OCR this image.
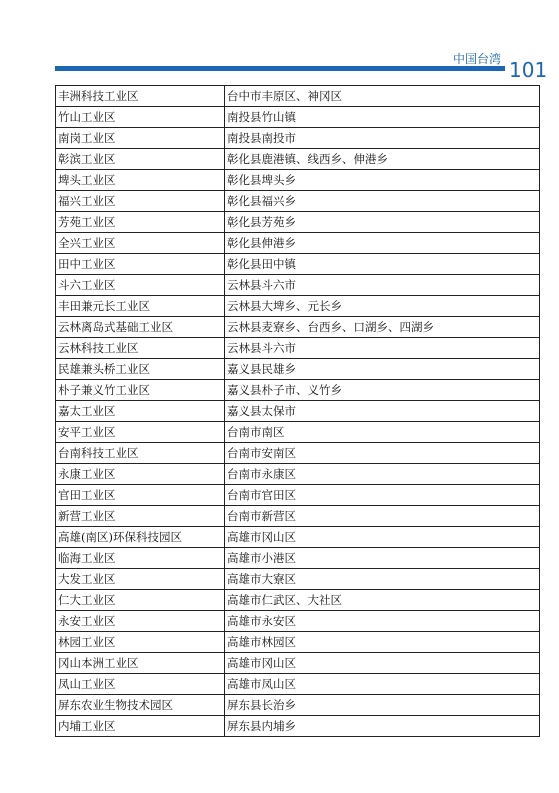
中国台湾 101
丰洲科技工业区	台中市丰原区、神冈区
竹山工业区	南投县竹山镇
南岗工业区	南投县南投市
彰滨工业区	彰化县鹿港镇、线西乡、伸港乡
埤头工业区	彰化县埤头乡
福兴工业区	彰化县福兴乡
芳苑工业区	彰化县芳苑乡
全兴工业区	彰化县伸港乡
田中工业区	彰化县田中镇
斗六工业区	云林县斗六市
丰田兼元长工业区	云林县大埤乡、元长乡
云林离岛式基础工业区	云林县麦寮乡、台西乡、口湖乡、四湖乡
云林科技工业区	云林县斗六市
民雄兼头桥工业区	嘉义县民雄乡
朴子兼义竹工业区	嘉义县朴子市、义竹乡
嘉太工业区	嘉义县太保市
安平工业区	台南市南区
台南科技工业区	台南市安南区
永康工业区	台南市永康区
官田工业区	台南市官田区
新营工业区	台南市新营区
高雄(南区)环保科技园区	高雄市冈山区
临海工业区	高雄市小港区
大发工业区	高雄市大寮区
仁大工业区	高雄市仁武区、大社区
永安工业区	高雄市永安区
林园工业区	高雄市林园区
冈山本洲工业区	高雄市冈山区
凤山工业区	高雄市凤山区
屏东农业生物技术园区	屏东县长治乡
内埔工业区	屏东县内埔乡
